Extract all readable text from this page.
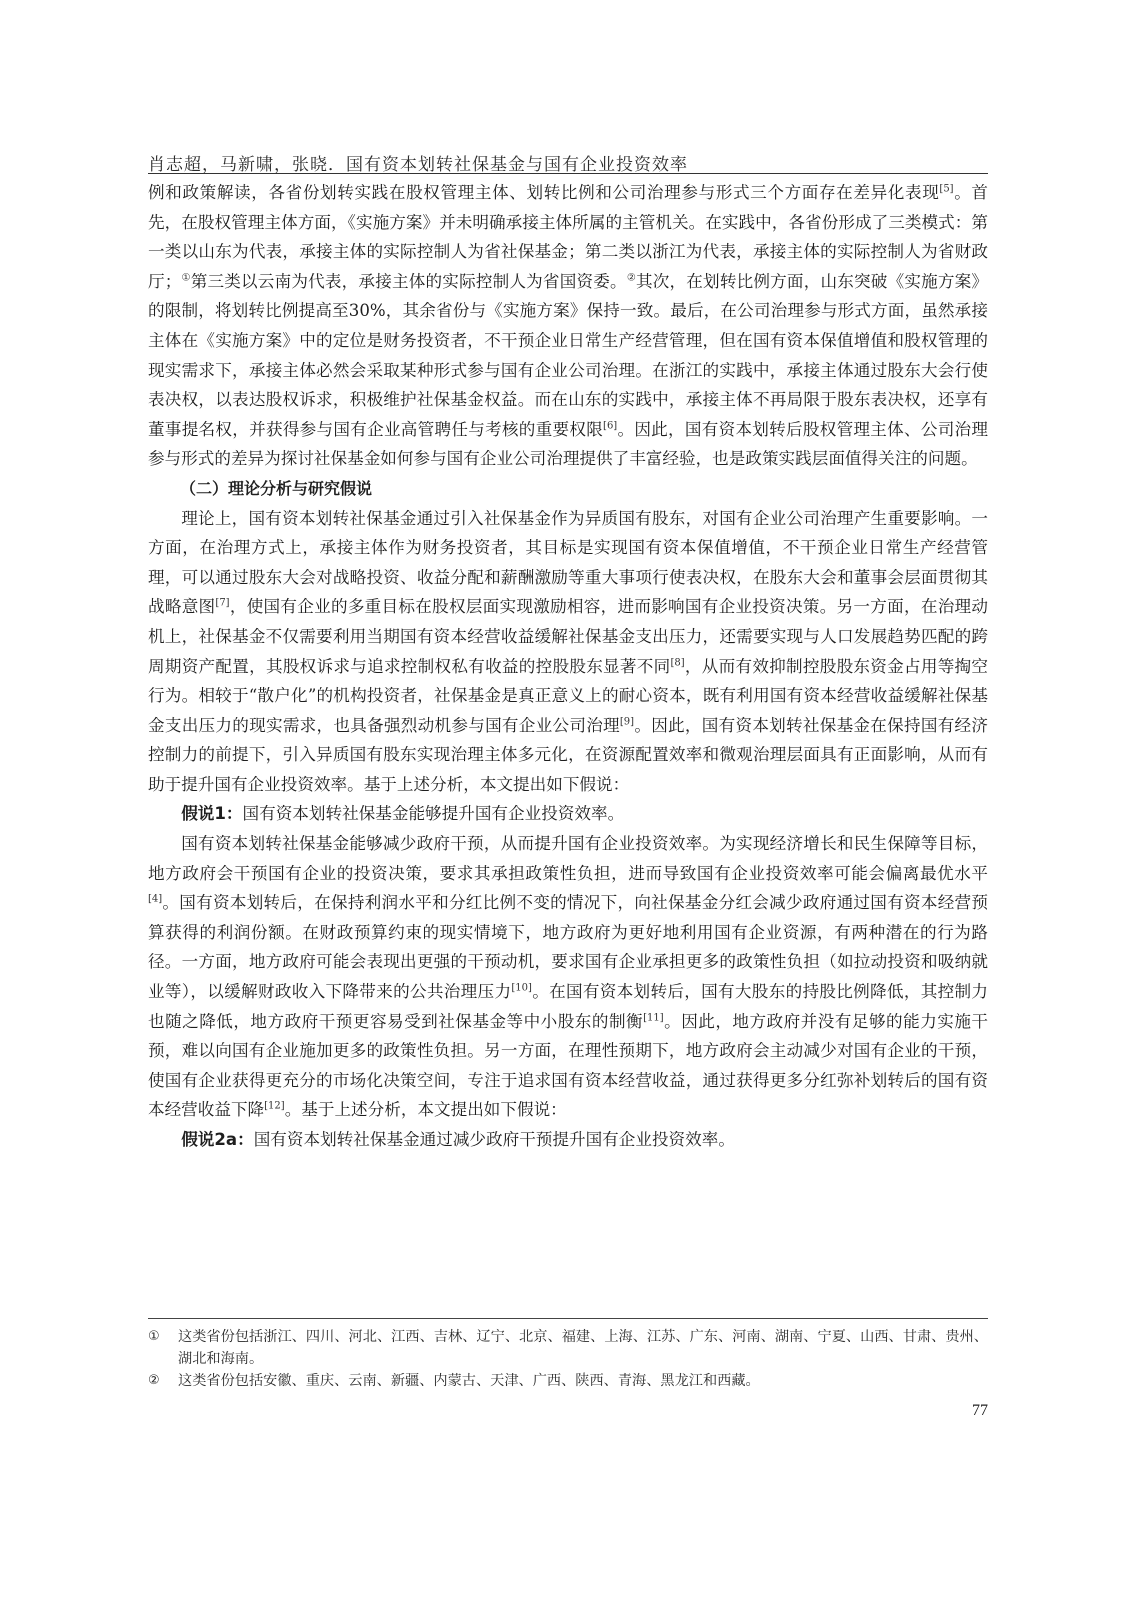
肖志超，马新啸，张晓．国有资本划转社保基金与国有企业投资效率

例和政策解读，各省份划转实践在股权管理主体、划转比例和公司治理参与形式三个方面存在差异化表现[5]。首先，在股权管理主体方面，《实施方案》并未明确承接主体所属的主管机关。在实践中，各省份形成了三类模式：第一类以山东为代表，承接主体的实际控制人为省社保基金；第二类以浙江为代表，承接主体的实际控制人为省财政厅；①第三类以云南为代表，承接主体的实际控制人为省国资委。②其次，在划转比例方面，山东突破《实施方案》的限制，将划转比例提高至30%，其余省份与《实施方案》保持一致。最后，在公司治理参与形式方面，虽然承接主体在《实施方案》中的定位是财务投资者，不干预企业日常生产经营管理，但在国有资本保值增值和股权管理的现实需求下，承接主体必然会采取某种形式参与国有企业公司治理。在浙江的实践中，承接主体通过股东大会行使表决权，以表达股权诉求，积极维护社保基金权益。而在山东的实践中，承接主体不再局限于股东表决权，还享有董事提名权，并获得参与国有企业高管聘任与考核的重要权限[6]。因此，国有资本划转后股权管理主体、公司治理参与形式的差异为探讨社保基金如何参与国有企业公司治理提供了丰富经验，也是政策实践层面值得关注的问题。

（二）理论分析与研究假说

理论上，国有资本划转社保基金通过引入社保基金作为异质国有股东，对国有企业公司治理产生重要影响。一方面，在治理方式上，承接主体作为财务投资者，其目标是实现国有资本保值增值，不干预企业日常生产经营管理，可以通过股东大会对战略投资、收益分配和薪酬激励等重大事项行使表决权，在股东大会和董事会层面贯彻其战略意图[7]，使国有企业的多重目标在股权层面实现激励相容，进而影响国有企业投资决策。另一方面，在治理动机上，社保基金不仅需要利用当期国有资本经营收益缓解社保基金支出压力，还需要实现与人口发展趋势匹配的跨周期资产配置，其股权诉求与追求控制权私有收益的控股股东显著不同[8]，从而有效抑制控股股东资金占用等掏空行为。相较于“散户化”的机构投资者，社保基金是真正意义上的耐心资本，既有利用国有资本经营收益缓解社保基金支出压力的现实需求，也具备强烈动机参与国有企业公司治理[9]。因此，国有资本划转社保基金在保持国有经济控制力的前提下，引入异质国有股东实现治理主体多元化，在资源配置效率和微观治理层面具有正面影响，从而有助于提升国有企业投资效率。基于上述分析，本文提出如下假说：

假说1：国有资本划转社保基金能够提升国有企业投资效率。

国有资本划转社保基金能够减少政府干预，从而提升国有企业投资效率。为实现经济增长和民生保障等目标，地方政府会干预国有企业的投资决策，要求其承担政策性负担，进而导致国有企业投资效率可能会偏离最优水平[4]。国有资本划转后，在保持利润水平和分红比例不变的情况下，向社保基金分红会减少政府通过国有资本经营预算获得的利润份额。在财政预算约束的现实情境下，地方政府为更好地利用国有企业资源，有两种潜在的行为路径。一方面，地方政府可能会表现出更强的干预动机，要求国有企业承担更多的政策性负担（如拉动投资和吸纳就业等），以缓解财政收入下降带来的公共治理压力[10]。在国有资本划转后，国有大股东的持股比例降低，其控制力也随之降低，地方政府干预更容易受到社保基金等中小股东的制衡[11]。因此，地方政府并没有足够的能力实施干预，难以向国有企业施加更多的政策性负担。另一方面，在理性预期下，地方政府会主动减少对国有企业的干预，使国有企业获得更充分的市场化决策空间，专注于追求国有资本经营收益，通过获得更多分红弥补划转后的国有资本经营收益下降[12]。基于上述分析，本文提出如下假说：

假说2a：国有资本划转社保基金通过减少政府干预提升国有企业投资效率。

①	这类省份包括浙江、四川、河北、江西、吉林、辽宁、北京、福建、上海、江苏、广东、河南、湖南、宁夏、山西、甘肃、贵州、湖北和海南。
②	这类省份包括安徽、重庆、云南、新疆、内蒙古、天津、广西、陕西、青海、黑龙江和西藏。
77
